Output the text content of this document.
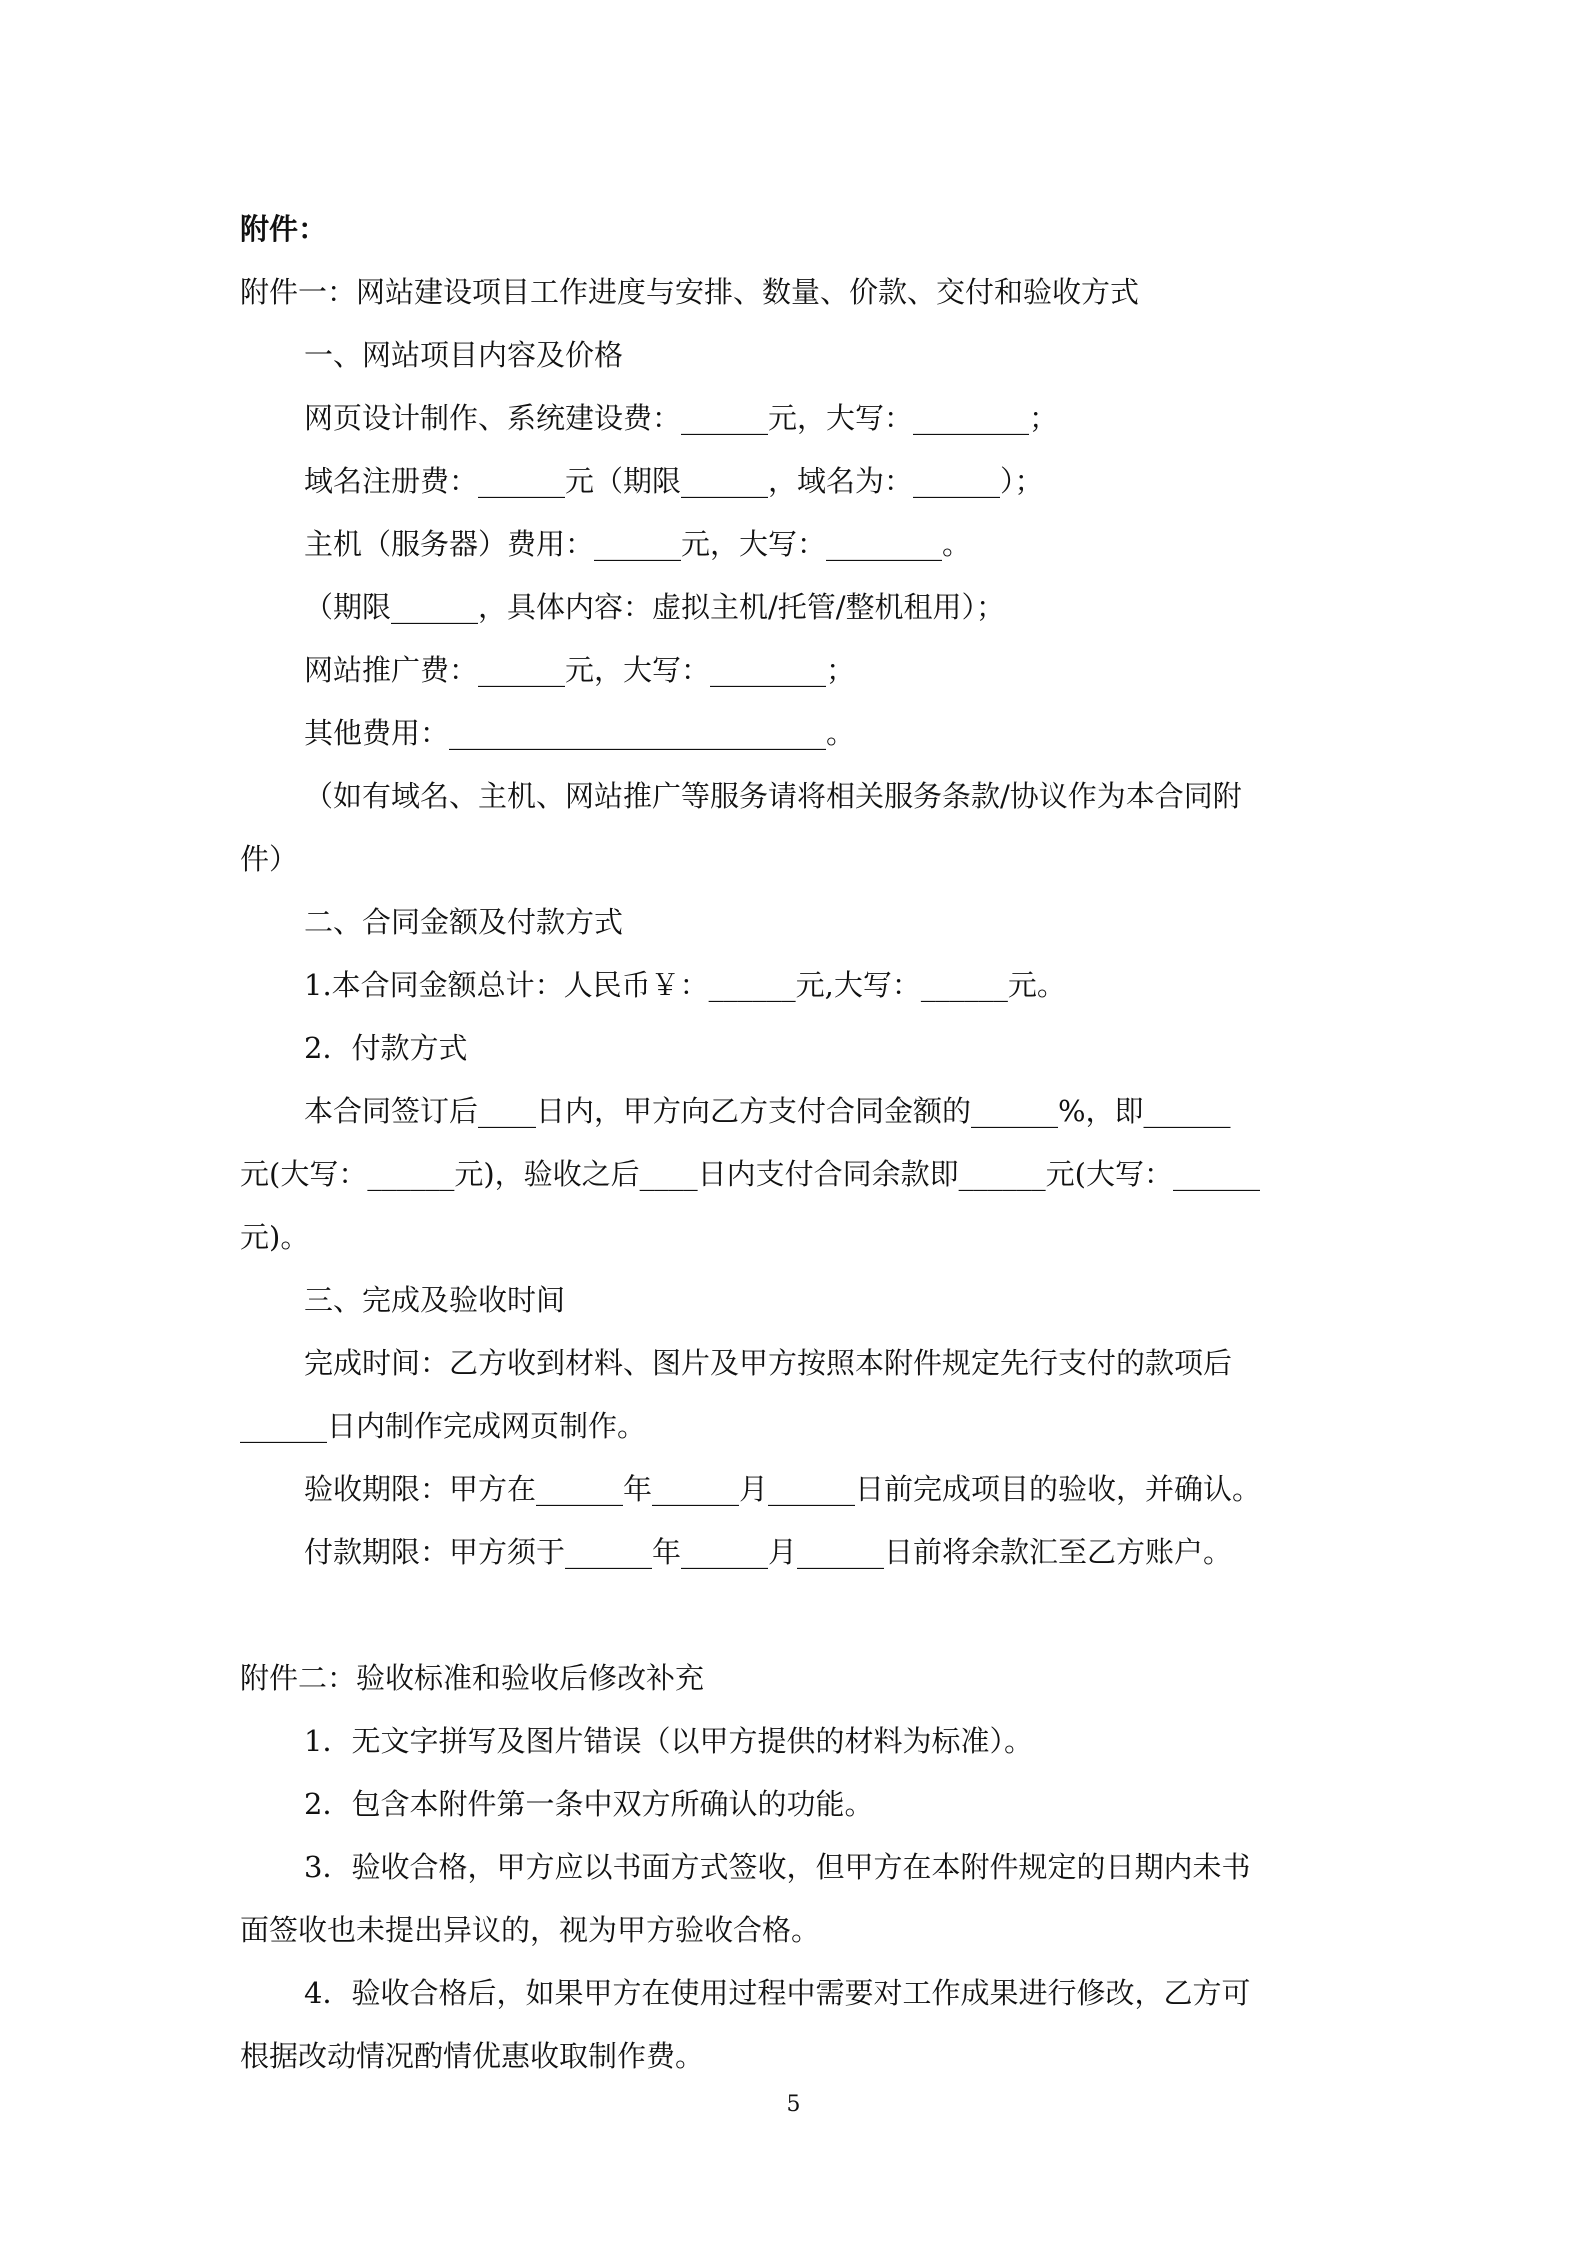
附件：
附件一：网站建设项目工作进度与安排、数量、价款、交付和验收方式
一、网站项目内容及价格
网页设计制作、系统建设费：______元，大写：________；
域名注册费：______元（期限______，域名为：______）；
主机（服务器）费用：______元，大写：________。
（期限______，具体内容：虚拟主机/托管/整机租用）；
网站推广费：______元，大写：________；
其他费用：__________________________。
（如有域名、主机、网站推广等服务请将相关服务条款/协议作为本合同附
件）
二、合同金额及付款方式
1.本合同金额总计：人民币￥：______元,大写：______元。
2．付款方式
本合同签订后____日内，甲方向乙方支付合同金额的______%，即______
元(大写：______元)，验收之后____日内支付合同余款即______元(大写：______
元)。
三、完成及验收时间
完成时间：乙方收到材料、图片及甲方按照本附件规定先行支付的款项后
______日内制作完成网页制作。
验收期限：甲方在______年______月______日前完成项目的验收，并确认。
付款期限：甲方须于______年______月______日前将余款汇至乙方账户。
附件二：验收标准和验收后修改补充
1．无文字拼写及图片错误（以甲方提供的材料为标准）。
2．包含本附件第一条中双方所确认的功能。
3．验收合格，甲方应以书面方式签收，但甲方在本附件规定的日期内未书
面签收也未提出异议的，视为甲方验收合格。
4．验收合格后，如果甲方在使用过程中需要对工作成果进行修改，乙方可
根据改动情况酌情优惠收取制作费。
5
